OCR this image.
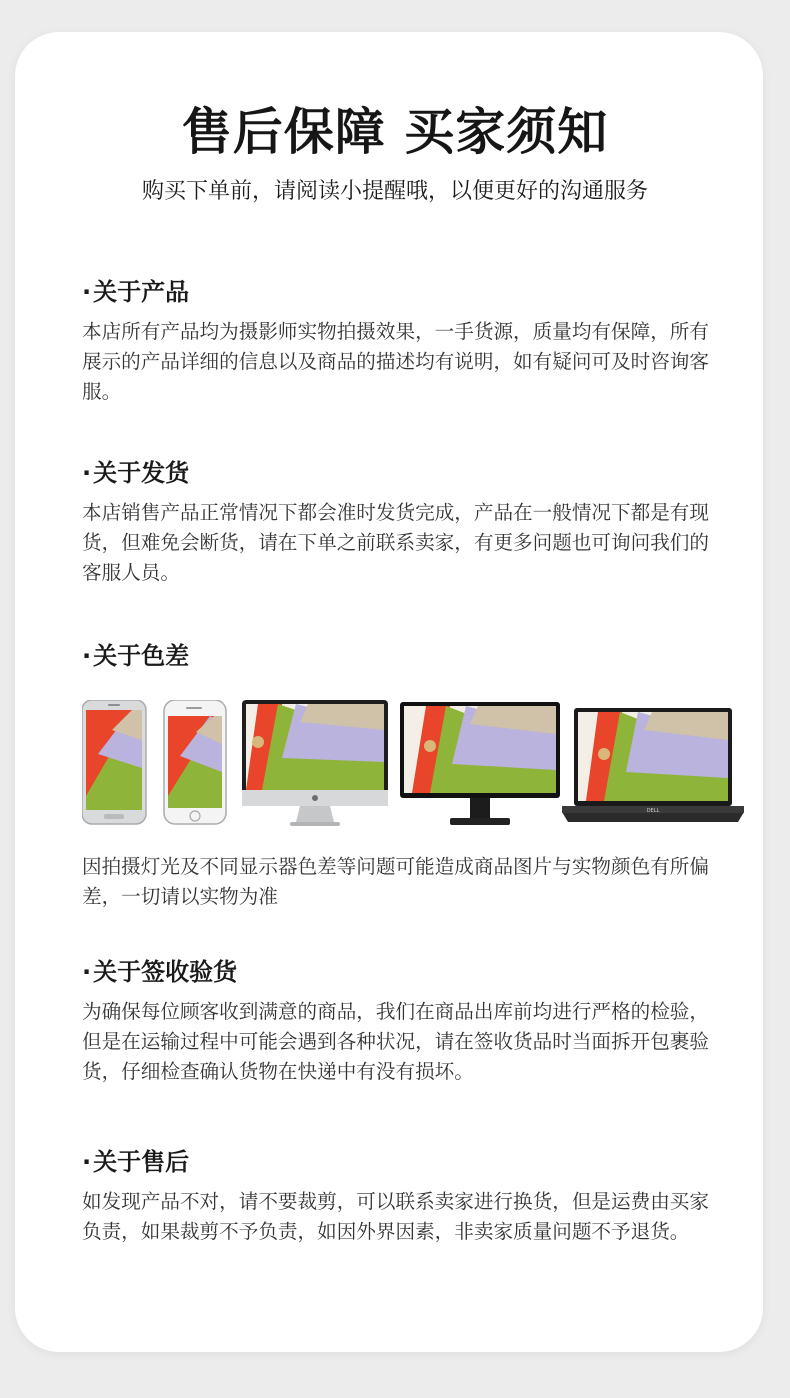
售后保障 买家须知

购买下单前，请阅读小提醒哦，以便更好的沟通服务

·关于产品

本店所有产品均为摄影师实物拍摄效果，一手货源，质量均有保障，所有展示的产品详细的信息以及商品的描述均有说明，如有疑问可及时咨询客服。

·关于发货

本店销售产品正常情况下都会准时发货完成，产品在一般情况下都是有现货，但难免会断货，请在下单之前联系卖家，有更多问题也可询问我们的客服人员。

·关于色差

因拍摄灯光及不同显示器色差等问题可能造成商品图片与实物颜色有所偏差，一切请以实物为准

DELL
·关于签收验货

为确保每位顾客收到满意的商品，我们在商品出库前均进行严格的检验，但是在运输过程中可能会遇到各种状况，请在签收货品时当面拆开包裹验货，仔细检查确认货物在快递中有没有损坏。

·关于售后

如发现产品不对，请不要裁剪，可以联系卖家进行换货，但是运费由买家负责，如果裁剪不予负责，如因外界因素，非卖家质量问题不予退货。
